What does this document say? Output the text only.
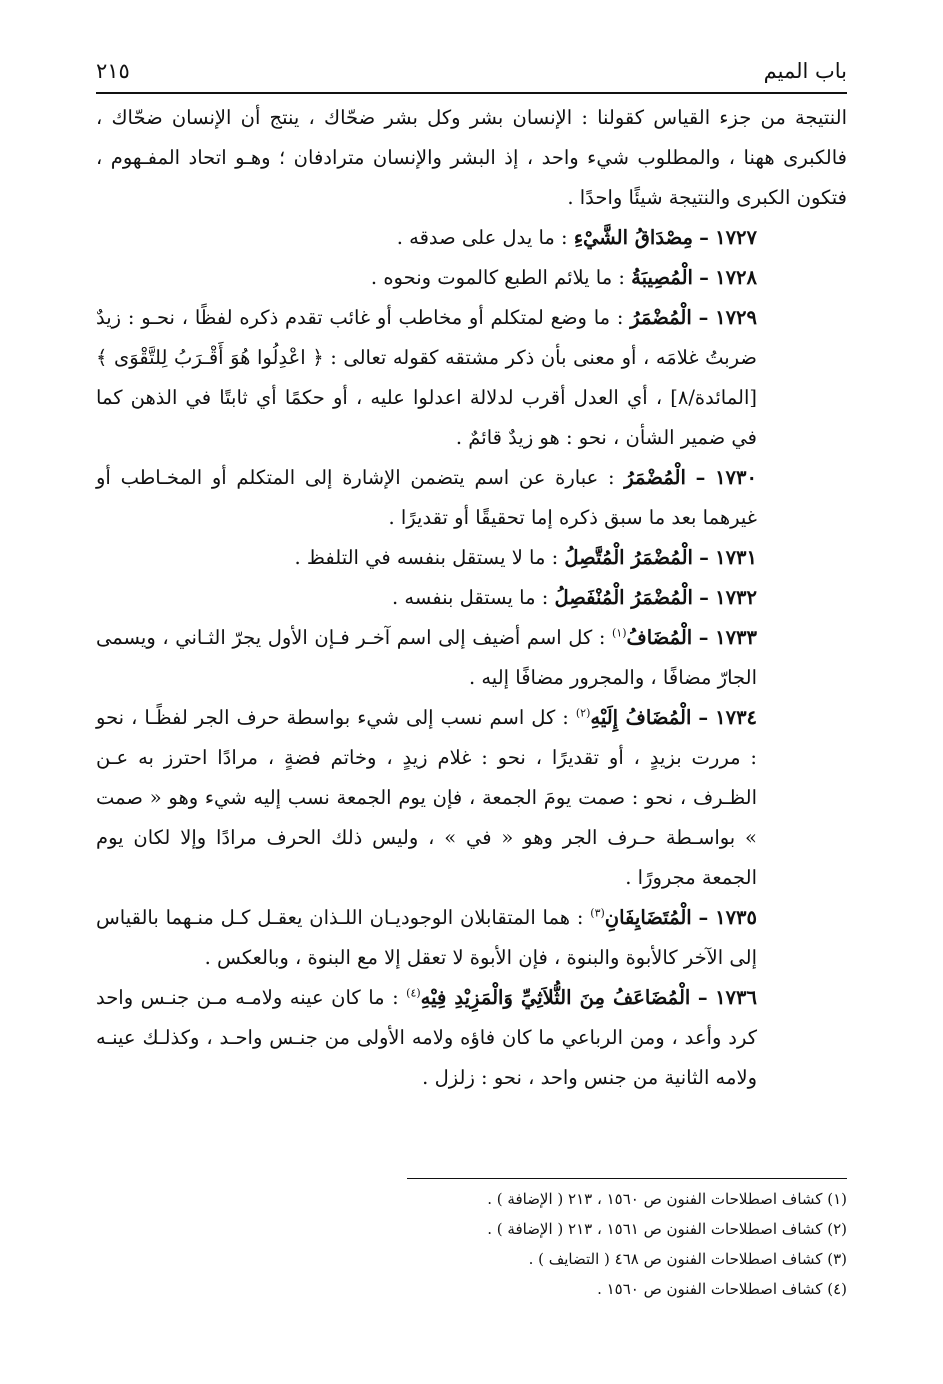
باب الميم
٢١٥

النتيجة من جزء القياس كقولنا : الإنسان بشر وكل بشر ضحّاك ، ينتج أن الإنسان ضحّاك ، فالكبرى ههنا ، والمطلوب شيء واحد ، إذ البشر والإنسان مترادفان ؛ وهـو اتحاد المفـهوم ، فتكون الكبرى والنتيجة شيئًا واحدًا .

١٧٢٧ – مِصْدَاقُ الشَّيْءِ : ما يدل على صدقه .

١٧٢٨ – الْمُصِيبَةُ : ما يلائم الطبع كالموت ونحوه .

١٧٢٩ – الْمُضْمَرُ : ما وضع لمتكلم أو مخاطب أو غائب تقدم ذكره لفظًا ، نحـو : زيدٌ ضربتُ غلامَه ، أو معنى بأن ذكر مشتقه كقوله تعالى : ﴿ اعْدِلُوا هُوَ أَقْـرَبُ لِلتَّقْوَى ﴾ [المائدة/٨] ، أي العدل أقرب لدلالة اعدلوا عليه ، أو حكمًا أي ثابتًا في الذهن كما في ضمير الشأن ، نحو : هو زيدٌ قائمٌ .

١٧٣٠ – الْمُضْمَرُ : عبارة عن اسم يتضمن الإشارة إلى المتكلم أو المخـاطب أو غيرهما بعد ما سبق ذكره إما تحقيقًا أو تقديرًا .

١٧٣١ – الْمُضْمَرُ الْمُتَّصِلُ : ما لا يستقل بنفسه في التلفظ .

١٧٣٢ – الْمُضْمَرُ الْمُنْفَصِلُ : ما يستقل بنفسه .

١٧٣٣ – الْمُضَافُ$^{(١)}$ : كل اسم أضيف إلى اسم آخـر فـإن الأول يجرّ الثـاني ، ويسمى الجارّ مضافًا ، والمجرور مضافًا إليه .

١٧٣٤ – الْمُضَافُ إِلَيْهِ$^{(٢)}$ : كل اسم نسب إلى شيء بواسطة حرف الجر لفظًـا ، نحو : مررت بزيدٍ ، أو تقديرًا ، نحو : غلام زيدٍ ، وخاتم فضةٍ ، مرادًا احترز به عـن الظـرف ، نحو : صمت يومَ الجمعة ، فإن يوم الجمعة نسب إليه شيء وهو « صمت » بواسـطة حـرف الجر وهو « في » ، وليس ذلك الحرف مرادًا وإلا لكان يوم الجمعة مجرورًا .

١٧٣٥ – الْمُتَضَايِفَانِ$^{(٣)}$ : هما المتقابلان الوجوديـان اللـذان يعقـل كـل منـهما بالقياس إلى الآخر كالأبوة والبنوة ، فإن الأبوة لا تعقل إلا مع البنوة ، وبالعكس .

١٧٣٦ – الْمُضَاعَفُ مِنَ الثُّلاَثِيِّ وَالْمَزِيْدِ فِيْهِ$^{(٤)}$ : ما كان عينه ولامـه مـن جنـس واحد كرد وأعد ، ومن الرباعي ما كان فاؤه ولامه الأولى من جنـس واحـد ، وكذلـك عينـه ولامه الثانية من جنس واحد ، نحو : زلزل .

(١) كشاف اصطلاحات الفنون ص ١٥٦٠ ، ٢١٣ ( الإضافة ) .

(٢) كشاف اصطلاحات الفنون ص ١٥٦١ ، ٢١٣ ( الإضافة ) .

(٣) كشاف اصطلاحات الفنون ص ٤٦٨ ( التضايف ) .

(٤) كشاف اصطلاحات الفنون ص ١٥٦٠ .
